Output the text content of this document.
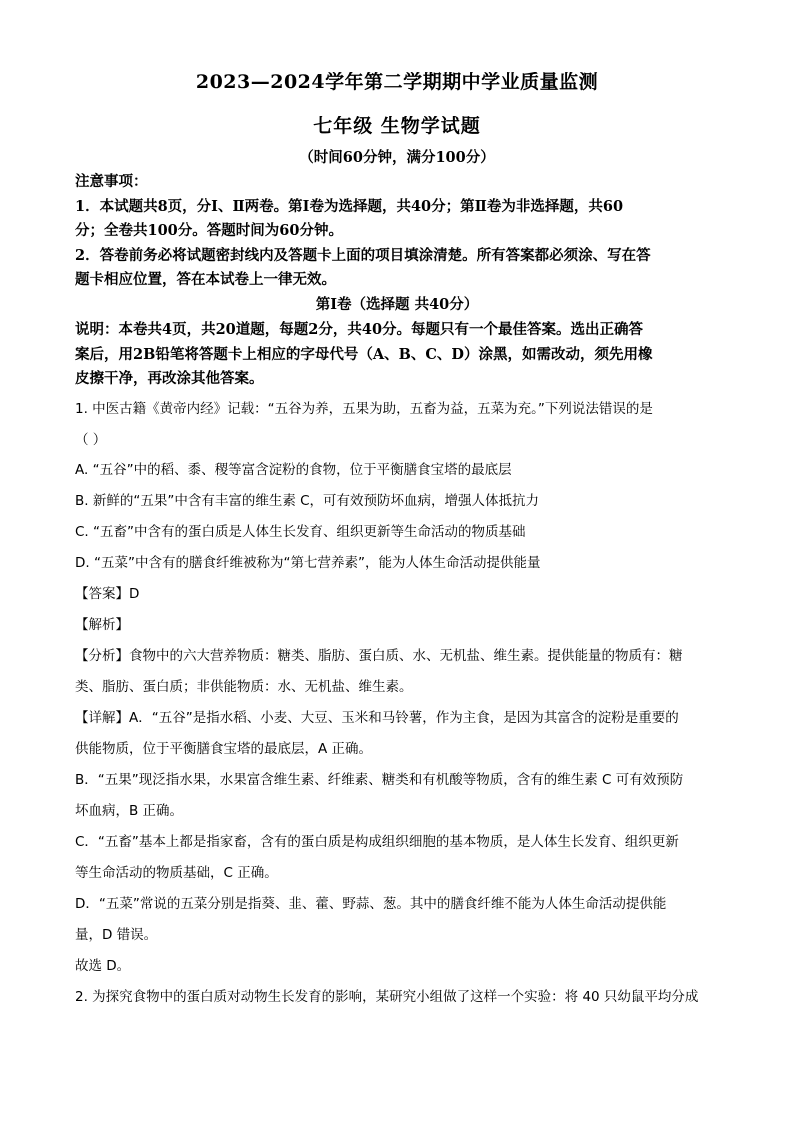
2023—2024学年第二学期期中学业质量监测
七年级 生物学试题
（时间60分钟，满分100分）
注意事项：
1．本试题共8页，分Ⅰ、Ⅱ两卷。第Ⅰ卷为选择题，共40分；第Ⅱ卷为非选择题，共60
分；全卷共100分。答题时间为60分钟。
2．答卷前务必将试题密封线内及答题卡上面的项目填涂清楚。所有答案都必须涂、写在答
题卡相应位置，答在本试卷上一律无效。
第Ⅰ卷（选择题 共40分）
说明：本卷共4页，共20道题，每题2分，共40分。每题只有一个最佳答案。选出正确答
案后，用2B铅笔将答题卡上相应的字母代号（A、B、C、D）涂黑，如需改动，须先用橡
皮擦干净，再改涂其他答案。
1. 中医古籍《黄帝内经》记载：“五谷为养，五果为助，五畜为益，五菜为充。”下列说法错误的是
（ ）
A. “五谷”中的稻、黍、稷等富含淀粉的食物，位于平衡膳食宝塔的最底层
B. 新鲜的“五果”中含有丰富的维生素 C，可有效预防坏血病，增强人体抵抗力
C. “五畜”中含有的蛋白质是人体生长发育、组织更新等生命活动的物质基础
D. “五菜”中含有的膳食纤维被称为“第七营养素”，能为人体生命活动提供能量
【答案】D
【解析】
【分析】食物中的六大营养物质：糖类、脂肪、蛋白质、水、无机盐、维生素。提供能量的物质有：糖
类、脂肪、蛋白质；非供能物质：水、无机盐、维生素。
【详解】A．“五谷”是指水稻、小麦、大豆、玉米和马铃薯，作为主食，是因为其富含的淀粉是重要的
供能物质，位于平衡膳食宝塔的最底层，A 正确。
B．“五果”现泛指水果，水果富含维生素、纤维素、糖类和有机酸等物质，含有的维生素 C 可有效预防
坏血病，B 正确。
C．“五畜”基本上都是指家畜，含有的蛋白质是构成组织细胞的基本物质，是人体生长发育、组织更新
等生命活动的物质基础，C 正确。
D．“五菜”常说的五菜分别是指葵、韭、藿、野蒜、葱。其中的膳食纤维不能为人体生命活动提供能
量，D 错误。
故选 D。
2. 为探究食物中的蛋白质对动物生长发育的影响，某研究小组做了这样一个实验：将 40 只幼鼠平均分成
